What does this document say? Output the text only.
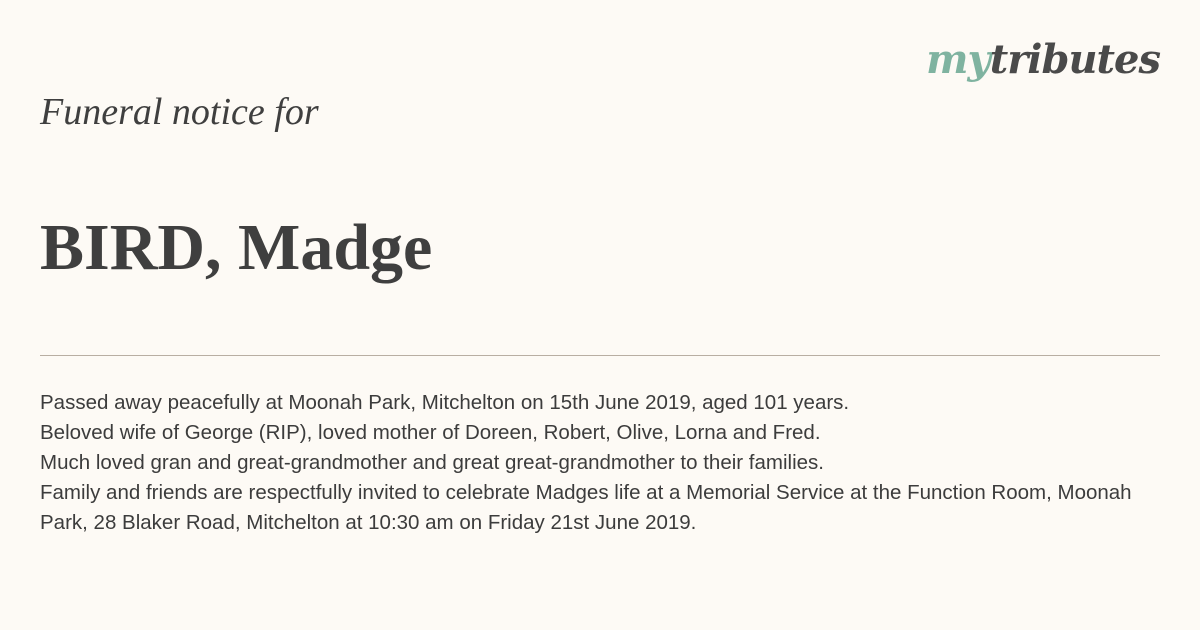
mytributes
Funeral notice for
BIRD, Madge

Passed away peacefully at Moonah Park, Mitchelton on 15th June 2019, aged 101 years.

Beloved wife of George (RIP), loved mother of Doreen, Robert, Olive, Lorna and Fred.

Much loved gran and great-grandmother and great great-grandmother to their families.

Family and friends are respectfully invited to celebrate Madges life at a Memorial Service at the Function Room, Moonah Park, 28 Blaker Road, Mitchelton at 10:30 am on Friday 21st June 2019.
